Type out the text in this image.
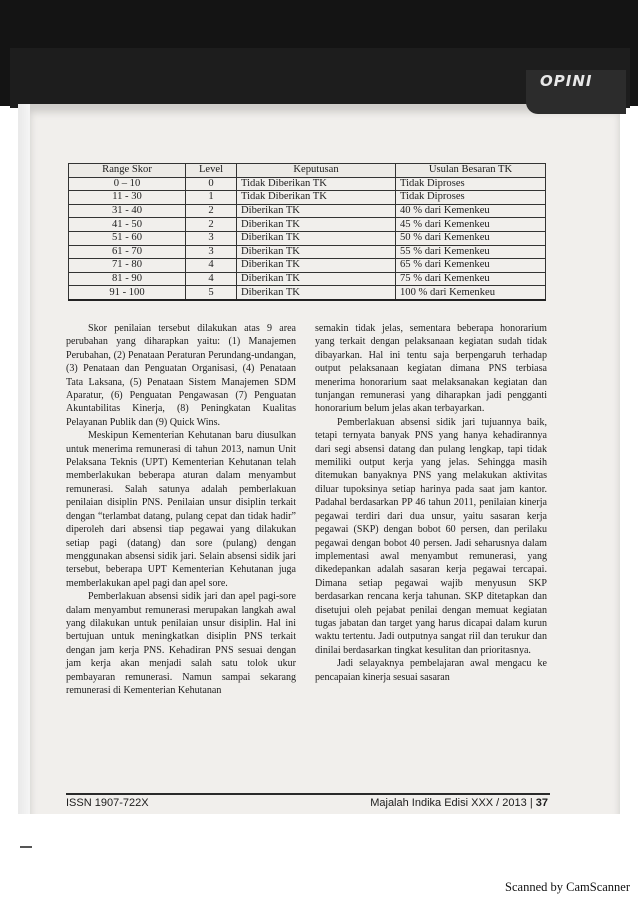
OPINI
Range Skor	Level	Keputusan	Usulan Besaran TK
0 – 10	0	Tidak Diberikan TK	Tidak Diproses
11 - 30	1	Tidak Diberikan TK	Tidak Diproses
31 - 40	2	Diberikan TK	40 % dari Kemenkeu
41 - 50	2	Diberikan TK	45 % dari Kemenkeu
51 - 60	3	Diberikan TK	50 % dari Kemenkeu
61 - 70	3	Diberikan TK	55 % dari Kemenkeu
71 - 80	4	Diberikan TK	65 % dari Kemenkeu
81 - 90	4	Diberikan TK	75 % dari Kemenkeu
91 - 100	5	Diberikan TK	100 % dari Kemenkeu

Skor penilaian tersebut dilakukan atas 9 area perubahan yang diharapkan yaitu: (1) Manajemen Perubahan, (2) Penataan Peraturan Perundang-undangan, (3) Penataan dan Penguatan Organisasi, (4) Penataan Tata Laksana, (5) Penataan Sistem Manajemen SDM Aparatur, (6) Penguatan Pengawasan (7) Penguatan Akuntabilitas Kinerja, (8) Peningkatan Kualitas Pelayanan Publik dan (9) Quick Wins.

Meskipun Kementerian Kehutanan baru diusulkan untuk menerima remunerasi di tahun 2013, namun Unit Pelaksana Teknis (UPT) Kementerian Kehutanan telah memberlakukan beberapa aturan dalam menyambut remunerasi. Salah satunya adalah pemberlakuan penilaian disiplin PNS. Penilaian unsur disiplin terkait dengan “terlambat datang, pulang cepat dan tidak hadir” diperoleh dari absensi tiap pegawai yang dilakukan setiap pagi (datang) dan sore (pulang) dengan menggunakan absensi sidik jari. Selain absensi sidik jari tersebut, beberapa UPT Kementerian Kehutanan juga memberlakukan apel pagi dan apel sore.

Pemberlakuan absensi sidik jari dan apel pagi-sore dalam menyambut remunerasi merupakan langkah awal yang dilakukan untuk penilaian unsur disiplin. Hal ini bertujuan untuk meningkatkan disiplin PNS terkait dengan jam kerja PNS. Kehadiran PNS sesuai dengan jam kerja akan menjadi salah satu tolok ukur pembayaran remunerasi. Namun sampai sekarang remunerasi di Kementerian Kehutanan

semakin tidak jelas, sementara beberapa honorarium yang terkait dengan pelaksanaan kegiatan sudah tidak dibayarkan. Hal ini tentu saja berpengaruh terhadap output pelaksanaan kegiatan dimana PNS terbiasa menerima honorarium saat melaksanakan kegiatan dan tunjangan remunerasi yang diharapkan jadi pengganti honorarium belum jelas akan terbayarkan.

Pemberlakuan absensi sidik jari tujuannya baik, tetapi ternyata banyak PNS yang hanya kehadirannya dari segi absensi datang dan pulang lengkap, tapi tidak memiliki output kerja yang jelas. Sehingga masih ditemukan banyaknya PNS yang melakukan aktivitas diluar tupoksinya setiap harinya pada saat jam kantor. Padahal berdasarkan PP 46 tahun 2011, penilaian kinerja pegawai terdiri dari dua unsur, yaitu sasaran kerja pegawai (SKP) dengan bobot 60 persen, dan perilaku pegawai dengan bobot 40 persen. Jadi seharusnya dalam implementasi awal menyambut remunerasi, yang dikedepankan adalah sasaran kerja pegawai tercapai. Dimana setiap pegawai wajib menyusun SKP berdasarkan rencana kerja tahunan. SKP ditetapkan dan disetujui oleh pejabat penilai dengan memuat kegiatan tugas jabatan dan target yang harus dicapai dalam kurun waktu tertentu. Jadi outputnya sangat riil dan terukur dan dinilai berdasarkan tingkat kesulitan dan prioritasnya.

Jadi selayaknya pembelajaran awal mengacu ke pencapaian kinerja sesuai sasaran

ISSN 1907-722X	Majalah Indika Edisi XXX / 2013 | 37
Scanned by CamScanner
